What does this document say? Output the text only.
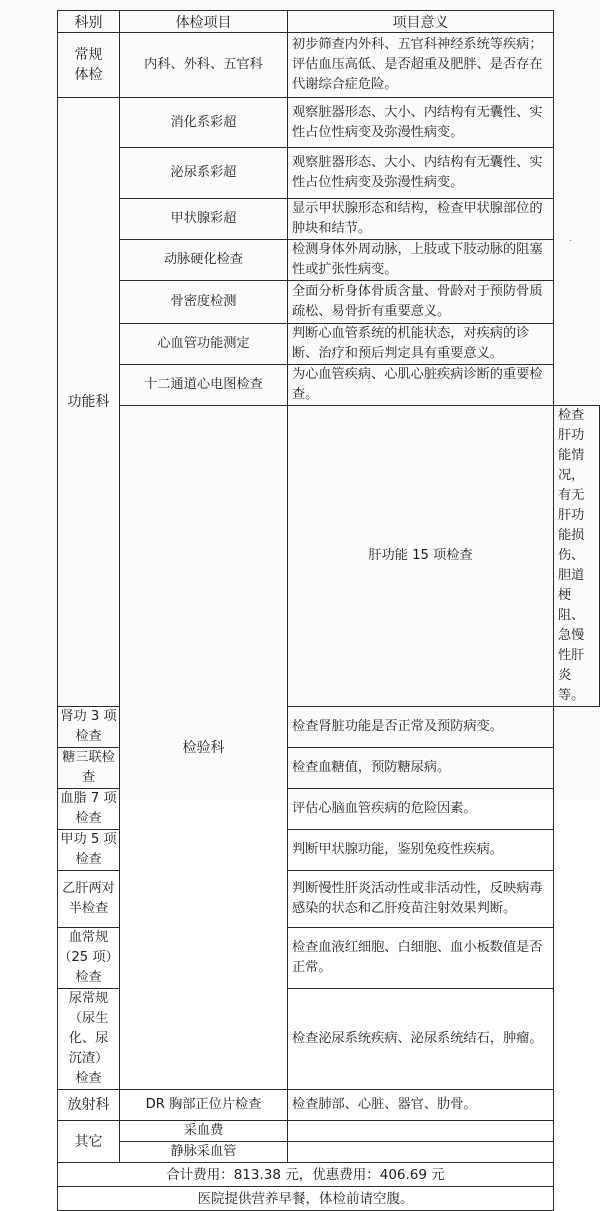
科别	体检项目	项目意义	
常规体检	内科、外科、五官科	初步筛查内外科、五官科神经系统等疾病；评估血压高低、是否超重及肥胖、是否存在代谢综合症危险。	
功能科	消化系彩超	观察脏器形态、大小、内结构有无囊性、实性占位性病变及弥漫性病变。	
	泌尿系彩超	观察脏器形态、大小、内结构有无囊性、实性占位性病变及弥漫性病变。	
	甲状腺彩超	显示甲状腺形态和结构，检查甲状腺部位的肿块和结节。	
	动脉硬化检查	检测身体外周动脉，上肢或下肢动脉的阻塞性或扩张性病变。	
	骨密度检测	全面分析身体骨质含量、骨龄对于预防骨质疏松、易骨折有重要意义。	
	心血管功能测定	判断心血管系统的机能状态，对疾病的诊断、治疗和预后判定具有重要意义。	
	十二通道心电图检查	为心血管疾病、心肌心脏疾病诊断的重要检查。	
	检验科	肝功能 15 项检查	检查肝功能情况，有无肝功能损伤、胆道梗阻、急慢性肝炎等。
肾功 3 项检查		检查肾脏功能是否正常及预防病变。	
糖三联检查		检查血糖值，预防糖尿病。	
血脂 7 项检查		评估心脑血管疾病的危险因素。	
甲功 5 项检查		判断甲状腺功能，鉴别免疫性疾病。	
乙肝两对半检查		判断慢性肝炎活动性或非活动性，反映病毒感染的状态和乙肝疫苗注射效果判断。	
血常规（25 项）检查		检查血液红细胞、白细胞、血小板数值是否正常。	
尿常规（尿生化、尿沉渣）检查		检查泌尿系统疾病、泌尿系统结石，肿瘤。	
放射科	DR 胸部正位片检查	检查肺部、心脏、器官、肋骨。	
其它	采血费		
	静脉采血管		
合计费用：813.38 元，优惠费用：406.69 元			
医院提供营养早餐，体检前请空腹。			
·
